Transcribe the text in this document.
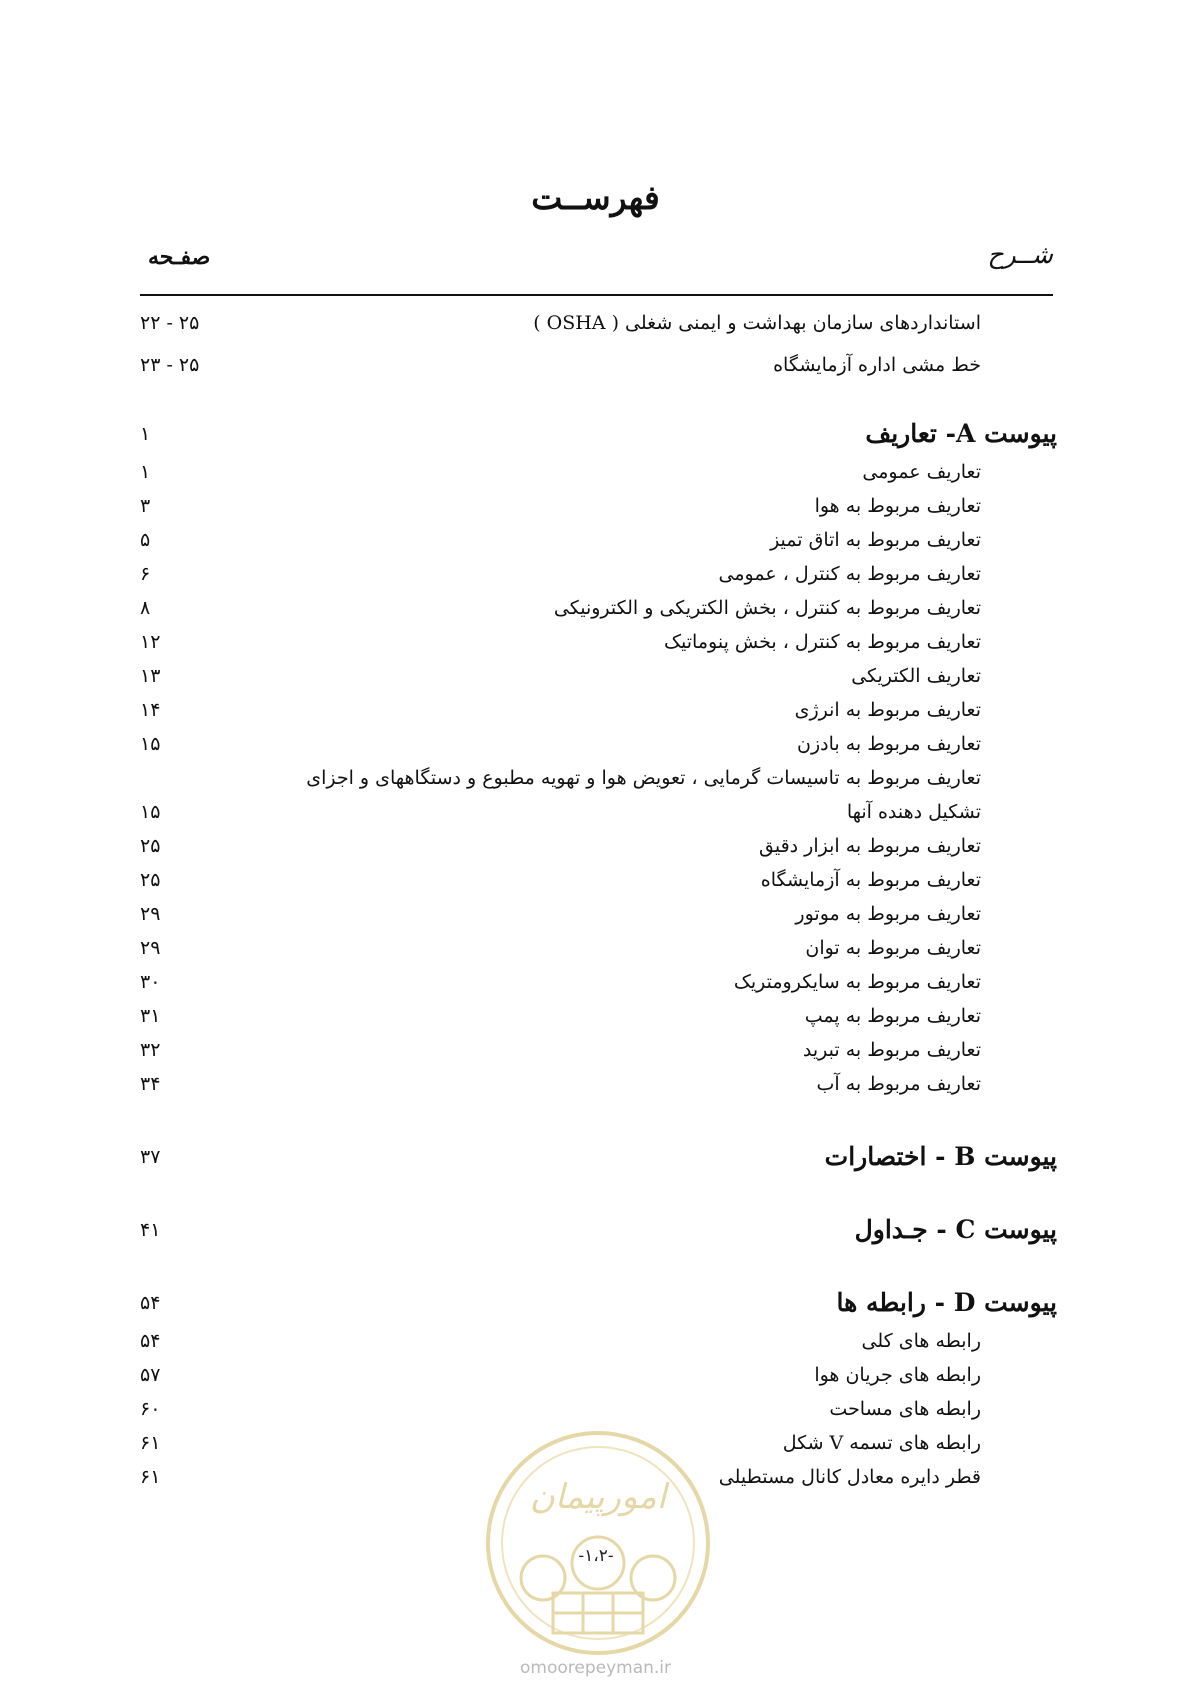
فهرســت
شــرح
صفـحه
استانداردهای سازمان بهداشت و ایمنی شغلی ( OSHA )
۲۲ - ۲۵
خط مشی اداره آزمایشگاه
۲۳ - ۲۵
پیوست A- تعاریف
۱
تعاریف عمومی
۱
تعاریف مربوط به هوا
۳
تعاریف مربوط به اتاق تمیز
۵
تعاریف مربوط به کنترل ، عمومی
۶
تعاریف مربوط به کنترل ، بخش الکتریکی و الکترونیکی
۸
تعاریف مربوط به کنترل ، بخش پنوماتیک
۱۲
تعاریف الکتریکی
۱۳
تعاریف مربوط به انرژی
۱۴
تعاریف مربوط به بادزن
۱۵
تعاریف مربوط به تاسیسات گرمایی ، تعویض هوا و تهویه مطبوع و دستگاههای و اجزای
تشکیل دهنده آنها
۱۵
تعاریف مربوط به ابزار دقیق
۲۵
تعاریف مربوط به آزمایشگاه
۲۵
تعاریف مربوط به موتور
۲۹
تعاریف مربوط به توان
۲۹
تعاریف مربوط به سایکرومتریک
۳۰
تعاریف مربوط به پمپ
۳۱
تعاریف مربوط به تبرید
۳۲
تعاریف مربوط به آب
۳۴
پیوست B - اختصارات
۳۷
پیوست C - جـداول
۴۱
پیوست D - رابطه ها
۵۴
رابطه های کلی
۵۴
رابطه های جریان هوا
۵۷
رابطه های مساحت
۶۰
رابطه های تسمه V شکل
۶۱
قطر دایره معادل کانال مستطیلی
۶۱	امورپیمان
-۱،۲-
omoorepeyman.ir
